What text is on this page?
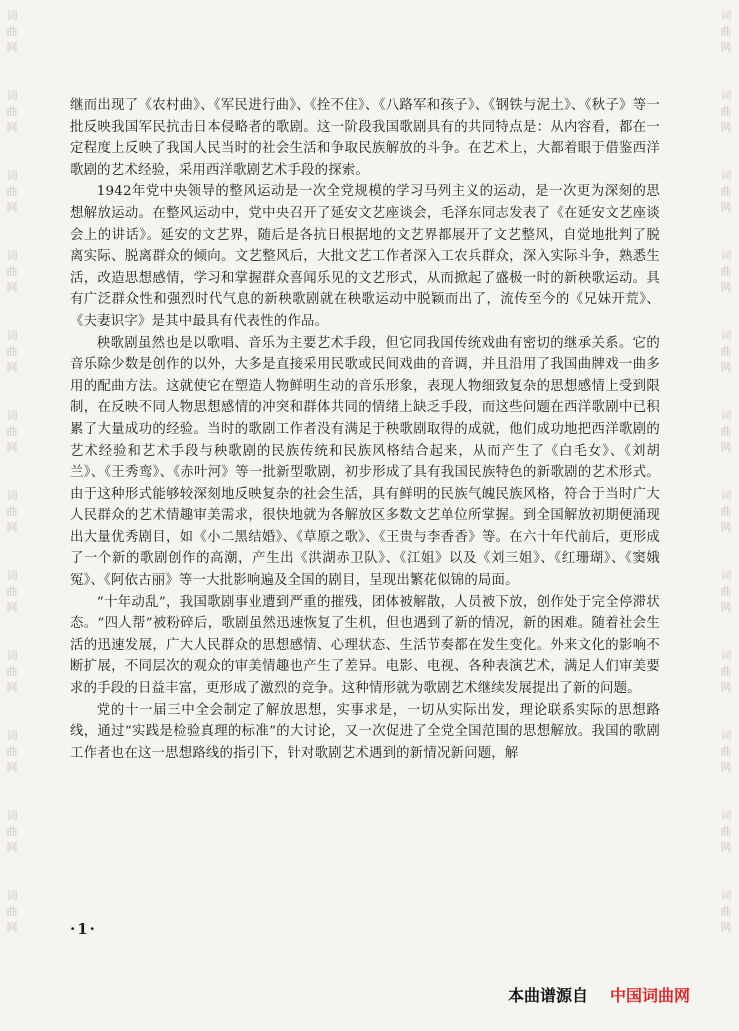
词
曲
网
词
曲
网
词
曲
网
词
曲
网
词
曲
网
词
曲
网
词
曲
网
词
曲
网
词
曲
网
词
曲
网
词
曲
网
词
曲
网
词
曲
网
词
曲
网
词
曲
网
词
曲
网
词
曲
网
词
曲
网
词
曲
网
词
曲
网
词
曲
网
词
曲
网
词
曲
网
词
曲
网

继而出现了《农村曲》、《军民进行曲》、《拴不住》、《八路军和孩子》、《钢铁与泥土》、《秋子》等一批反映我国军民抗击日本侵略者的歌剧。这一阶段我国歌剧具有的共同特点是：从内容看，都在一定程度上反映了我国人民当时的社会生活和争取民族解放的斗争。在艺术上，大都着眼于借鉴西洋歌剧的艺术经验，采用西洋歌剧艺术手段的探索。

1942年党中央领导的整风运动是一次全党规模的学习马列主义的运动，是一次更为深刻的思想解放运动。在整风运动中，党中央召开了延安文艺座谈会，毛泽东同志发表了《在延安文艺座谈会上的讲话》。延安的文艺界，随后是各抗日根据地的文艺界都展开了文艺整风，自觉地批判了脱离实际、脱离群众的倾向。文艺整风后，大批文艺工作者深入工农兵群众，深入实际斗争，熟悉生活，改造思想感情，学习和掌握群众喜闻乐见的文艺形式，从而掀起了盛极一时的新秧歌运动。具有广泛群众性和强烈时代气息的新秧歌剧就在秧歌运动中脱颖而出了，流传至今的《兄妹开荒》、《夫妻识字》是其中最具有代表性的作品。

秧歌剧虽然也是以歌唱、音乐为主要艺术手段，但它同我国传统戏曲有密切的继承关系。它的音乐除少数是创作的以外，大多是直接采用民歌或民间戏曲的音调，并且沿用了我国曲牌戏一曲多用的配曲方法。这就使它在塑造人物鲜明生动的音乐形象，表现人物细致复杂的思想感情上受到限制，在反映不同人物思想感情的冲突和群体共同的情绪上缺乏手段，而这些问题在西洋歌剧中已积累了大量成功的经验。当时的歌剧工作者没有满足于秧歌剧取得的成就，他们成功地把西洋歌剧的艺术经验和艺术手段与秧歌剧的民族传统和民族风格结合起来，从而产生了《白毛女》、《刘胡兰》、《王秀鸾》、《赤叶河》等一批新型歌剧，初步形成了具有我国民族特色的新歌剧的艺术形式。由于这种形式能够较深刻地反映复杂的社会生活，具有鲜明的民族气魄民族风格，符合于当时广大人民群众的艺术情趣审美需求，很快地就为各解放区多数文艺单位所掌握。到全国解放初期便涌现出大量优秀剧目，如《小二黑结婚》、《草原之歌》、《王贵与李香香》等。在六十年代前后，更形成了一个新的歌剧创作的高潮，产生出《洪湖赤卫队》、《江姐》以及《刘三姐》、《红珊瑚》、《窦娥冤》、《阿依古丽》等一大批影响遍及全国的剧目，呈现出繁花似锦的局面。

“十年动乱”，我国歌剧事业遭到严重的摧残，团体被解散，人员被下放，创作处于完全停滞状态。“四人帮”被粉碎后，歌剧虽然迅速恢复了生机，但也遇到了新的情况，新的困难。随着社会生活的迅速发展，广大人民群众的思想感情、心理状态、生活节奏都在发生变化。外来文化的影响不断扩展，不同层次的观众的审美情趣也产生了差异。电影、电视、各种表演艺术，满足人们审美要求的手段的日益丰富，更形成了激烈的竞争。这种情形就为歌剧艺术继续发展提出了新的问题。

党的十一届三中全会制定了解放思想，实事求是，一切从实际出发，理论联系实际的思想路线，通过“实践是检验真理的标准”的大讨论，又一次促进了全党全国范围的思想解放。我国的歌剧工作者也在这一思想路线的指引下，针对歌剧艺术遇到的新情况新问题，解

·1·
本曲谱源自 中国词曲网
